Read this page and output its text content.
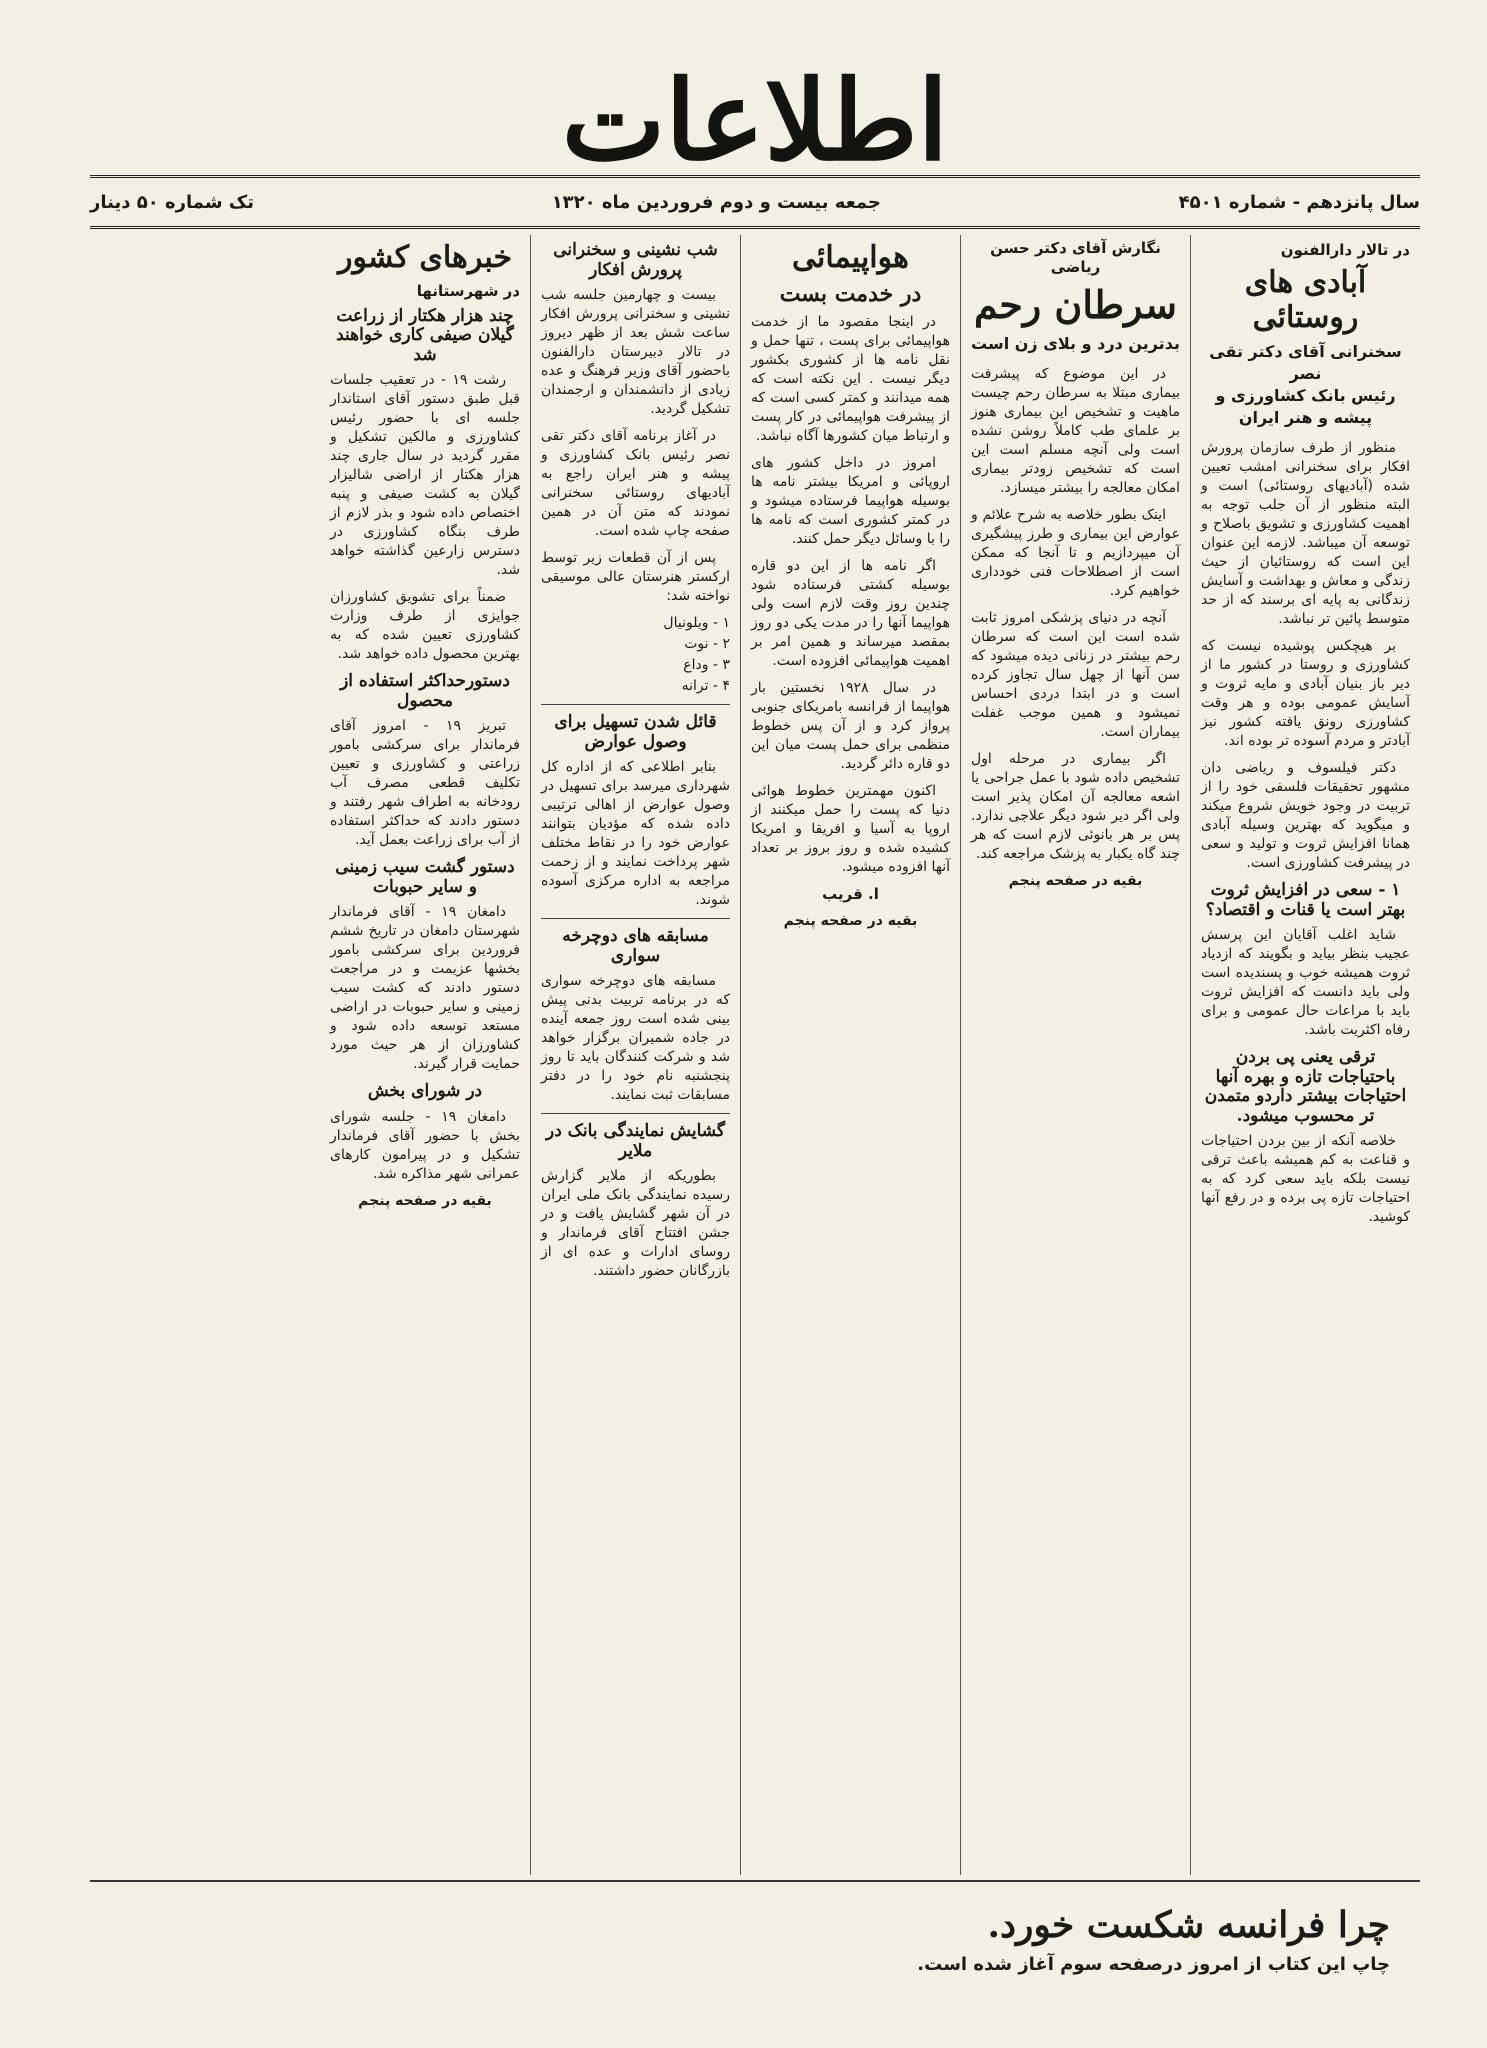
اطلاعات
سال پانزدهم - شماره ۴۵۰۱
جمعه بیست و دوم فروردین ماه ۱۳۲۰
تک شماره ۵۰ دینار
در تالار دارالفنون
آبادی های روستائی
سخنرانی آقای دکتر تقی نصر
رئیس بانک کشاورزی و پیشه و هنر ایران

منظور از طرف سازمان پرورش افکار برای سخنرانی امشب تعیین شده (آبادیهای روستائی) است و البته منظور از آن جلب توجه به اهمیت کشاورزی و تشویق باصلاح و توسعه آن میباشد. لازمه این عنوان این است که روستائیان از حیث زندگی و معاش و بهداشت و آسایش زندگانی به پایه ای برسند که از حد متوسط پائین تر نباشد.

بر هیچکس پوشیده نیست که کشاورزی و روستا در کشور ما از دیر باز بنیان آبادی و مایه ثروت و آسایش عمومی بوده و هر وقت کشاورزی رونق یافته کشور نیز آبادتر و مردم آسوده تر بوده اند.

دکتر فیلسوف و ریاضی دان مشهور تحقیقات فلسفی خود را از تربیت در وجود خویش شروع میکند و میگوید که بهترین وسیله آبادی همانا افزایش ثروت و تولید و سعی در پیشرفت کشاورزی است.

۱ - سعی در افزایش ثروت بهتر است یا قنات و اقتصاد؟

شاید اغلب آقایان این پرسش عجیب بنظر بیاید و بگویند که ازدیاد ثروت همیشه خوب و پسندیده است ولی باید دانست که افزایش ثروت باید با مراعات حال عمومی و برای رفاه اکثریت باشد.

ترقی یعنی پی بردن باحتیاجات تازه و بهره آنها احتیاجات بیشتر داردو متمدن تر محسوب میشود.

خلاصه آنکه از بین بردن احتیاجات و قناعت به کم همیشه باعث ترقی نیست بلکه باید سعی کرد که به احتیاجات تازه پی برده و در رفع آنها کوشید.

نگارش آقای دکتر حسن ریاضی
سرطان رحم
بدترین درد و بلای زن است

در این موضوع که پیشرفت بیماری مبتلا به سرطان رحم چیست ماهیت و تشخیص این بیماری هنوز بر علمای طب کاملاً روشن نشده است ولی آنچه مسلم است این است که تشخیص زودتر بیماری امکان معالجه را بیشتر میسازد.

اینک بطور خلاصه به شرح علائم و عوارض این بیماری و طرز پیشگیری آن میپردازیم و تا آنجا که ممکن است از اصطلاحات فنی خودداری خواهیم کرد.

آنچه در دنیای پزشکی امروز ثابت شده است این است که سرطان رحم بیشتر در زنانی دیده میشود که سن آنها از چهل سال تجاوز کرده است و در ابتدا دردی احساس نمیشود و همین موجب غفلت بیماران است.

اگر بیماری در مرحله اول تشخیص داده شود با عمل جراحی یا اشعه معالجه آن امکان پذیر است ولی اگر دیر شود دیگر علاجی ندارد. پس بر هر بانوئی لازم است که هر چند گاه یکبار به پزشک مراجعه کند.

بقیه در صفحه پنجم
هواپیمائی
در خدمت بست

در اینجا مقصود ما از خدمت هواپیمائی برای پست ، تنها حمل و نقل نامه ها از کشوری بکشور دیگر نیست . این نکته است که همه میدانند و کمتر کسی است که از پیشرفت هواپیمائی در کار پست و ارتباط میان کشورها آگاه نباشد.

امروز در داخل کشور های اروپائی و امریکا بیشتر نامه ها بوسیله هواپیما فرستاده میشود و در کمتر کشوری است که نامه ها را با وسائل دیگر حمل کنند.

اگر نامه ها از این دو قاره بوسیله کشتی فرستاده شود چندین روز وقت لازم است ولی هواپیما آنها را در مدت یکی دو روز بمقصد میرساند و همین امر بر اهمیت هواپیمائی افزوده است.

در سال ۱۹۲۸ نخستین بار هواپیما از فرانسه بامریکای جنوبی پرواز کرد و از آن پس خطوط منظمی برای حمل پست میان این دو قاره دائر گردید.

اکنون مهمترین خطوط هوائی دنیا که پست را حمل میکنند از اروپا به آسیا و افریقا و امریکا کشیده شده و روز بروز بر تعداد آنها افزوده میشود.

ا. قریب
بقیه در صفحه پنجم
شب نشینی و سخنرانی پرورش افکار

بیست و چهارمین جلسه شب نشینی و سخنرانی پرورش افکار ساعت شش بعد از ظهر دیروز در تالار دبیرستان دارالفنون باحضور آقای وزیر فرهنگ و عده زیادی از دانشمندان و ارجمندان تشکیل گردید.

در آغاز برنامه آقای دکتر تقی نصر رئیس بانک کشاورزی و پیشه و هنر ایران راجع به آبادیهای روستائی سخنرانی نمودند که متن آن در همین صفحه چاپ شده است.

پس از آن قطعات زیر توسط ارکستر هنرستان عالی موسیقی نواخته شد:

۱ - ویلونیال
۲ - نوت
۳ - وداع
۴ - ترانه
قائل شدن تسهیل برای وصول عوارض

بنابر اطلاعی که از اداره کل شهرداری میرسد برای تسهیل در وصول عوارض از اهالی ترتیبی داده شده که مؤدیان بتوانند عوارض خود را در نقاط مختلف شهر پرداخت نمایند و از زحمت مراجعه به اداره مرکزی آسوده شوند.

مسابقه های دوچرخه سواری

مسابقه های دوچرخه سواری که در برنامه تربیت بدنی پیش بینی شده است روز جمعه آینده در جاده شمیران برگزار خواهد شد و شرکت کنندگان باید تا روز پنجشنبه نام خود را در دفتر مسابقات ثبت نمایند.

گشایش نمایندگی بانک در ملایر

بطوریکه از ملایر گزارش رسیده نمایندگی بانک ملی ایران در آن شهر گشایش یافت و در جشن افتتاح آقای فرماندار و روسای ادارات و عده ای از بازرگانان حضور داشتند.

خبرهای کشور
در شهرستانها
چند هزار هکتار از زراعت گیلان صیفی کاری خواهند شد

رشت ۱۹ - در تعقیب جلسات قبل طبق دستور آقای استاندار جلسه ای با حضور رئیس کشاورزی و مالکین تشکیل و مقرر گردید در سال جاری چند هزار هکتار از اراضی شالیزار گیلان به کشت صیفی و پنبه اختصاص داده شود و بذر لازم از طرف بنگاه کشاورزی در دسترس زارعین گذاشته خواهد شد.

ضمناً برای تشویق کشاورزان جوایزی از طرف وزارت کشاورزی تعیین شده که به بهترین محصول داده خواهد شد.

دستورحداکثر استفاده از محصول

تبریز ۱۹ - امروز آقای فرماندار برای سرکشی بامور زراعتی و کشاورزی و تعیین تکلیف قطعی مصرف آب رودخانه به اطراف شهر رفتند و دستور دادند که حداکثر استفاده از آب برای زراعت بعمل آید.

دستور گشت سیب زمینی و سایر حبوبات

دامغان ۱۹ - آقای فرماندار شهرستان دامغان در تاریخ ششم فروردین برای سرکشی بامور بخشها عزیمت و در مراجعت دستور دادند که کشت سیب زمینی و سایر حبوبات در اراضی مستعد توسعه داده شود و کشاورزان از هر حیث مورد حمایت قرار گیرند.

در شورای بخش

دامغان ۱۹ - جلسه شورای بخش با حضور آقای فرماندار تشکیل و در پیرامون کارهای عمرانی شهر مذاکره شد.

بقیه در صفحه پنجم
چرا فرانسه شکست خورد.
چاپ این کتاب از امروز درصفحه سوم آغاز شده است.
